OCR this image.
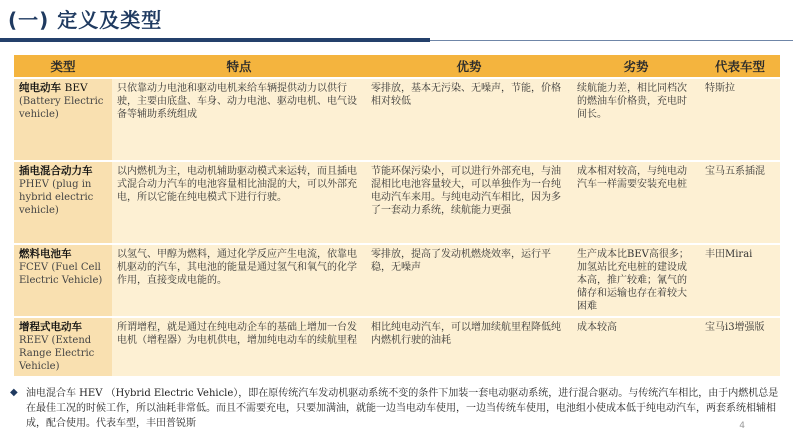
(一) 定义及类型
类型	特点	优势	劣势	代表车型

纯电动车 BEV
(Battery Electric vehicle)	只依靠动力电池和驱动电机来给车辆提供动力以供行驶，主要由底盘、车身、动力电池、驱动电机、电气设备等辅助系统组成	零排放，基本无污染、无噪声，节能，价格相对较低	续航能力差，相比同档次的燃油车价格贵，充电时间长。	特斯拉

插电混合动力车
PHEV (plug in hybrid electric vehicle)	以内燃机为主，电动机辅助驱动模式来运转，而且插电式混合动力汽车的电池容量相比油混的大，可以外部充电，所以它能在纯电模式下进行行驶。	节能环保污染小，可以进行外部充电，与油混相比电池容量较大，可以单独作为一台纯电动汽车来用。与纯电动汽车相比，因为多了一套动力系统，续航能力更强	成本相对较高，与纯电动汽车一样需要安装充电桩	宝马五系插混

燃料电池车
FCEV (Fuel Cell Electric Vehicle)	以氢气、甲醇为燃料，通过化学反应产生电流，依靠电机驱动的汽车，其电池的能量是通过氢气和氧气的化学作用，直接变成电能的。	零排放，提高了发动机燃烧效率，运行平稳，无噪声	生产成本比BEV高很多；加氢站比充电桩的建设成本高，推广较难；氰气的储存和运输也存在着较大困难	丰田Mirai

增程式电动车
REEV (Extend Range Electric Vehicle)	所谓增程，就是通过在纯电动企车的基础上增加一台发电机（增程器）为电机供电，增加纯电动车的续航里程	相比纯电动汽车，可以增加续航里程降低纯内燃机行驶的油耗	成本较高	宝马i3增强版
◆ 油电混合车 HEV （Hybrid Electric Vehicle），即在原传统汽车发动机驱动系统不变的条件下加装一套电动驱动系统，进行混合驱动。与传统汽车相比，由于内燃机总是在最佳工况的时候工作，所以油耗非常低。而且不需要充电，只要加满油，就能一边当电动车使用，一边当传统车使用，电池组小使成本低于纯电动汽车，两套系统相辅相成，配合使用。代表车型，丰田普锐斯	4
